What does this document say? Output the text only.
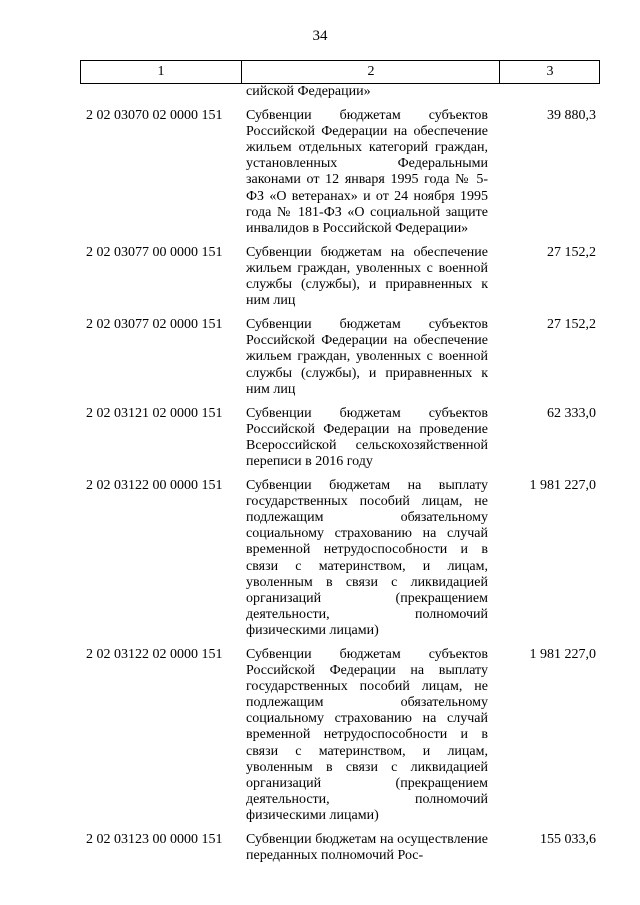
34
1	2	3
сийской Федерации»
2 02 03070 02 0000 151	Субвенции бюджетам субъектов Российской Федерации на обеспечение жильем отдельных категорий граждан, установленных Федеральными законами от 12 января 1995 года № 5-ФЗ «О ветеранах» и от 24 ноября 1995 года № 181-ФЗ «О социальной защите инвалидов в Российской Федерации»
39 880,3
2 02 03077 00 0000 151	Субвенции бюджетам на обеспечение жильем граждан, уволенных с военной службы (службы), и приравненных к ним лиц
27 152,2
2 02 03077 02 0000 151	Субвенции бюджетам субъектов Российской Федерации на обеспечение жильем граждан, уволенных с военной службы (службы), и приравненных к ним лиц
27 152,2
2 02 03121 02 0000 151	Субвенции бюджетам субъектов Российской Федерации на проведение Всероссийской сельскохозяйственной переписи в 2016 году
62 333,0
2 02 03122 00 0000 151	Субвенции бюджетам на выплату государственных пособий лицам, не подлежащим обязательному социальному страхованию на случай временной нетрудоспособности и в связи с материнством, и лицам, уволенным в связи с ликвидацией организаций (прекращением деятельности, полномочий физическими лицами)
1 981 227,0
2 02 03122 02 0000 151	Субвенции бюджетам субъектов Российской Федерации на выплату государственных пособий лицам, не подлежащим обязательному социальному страхованию на случай временной нетрудоспособности и в связи с материнством, и лицам, уволенным в связи с ликвидацией организаций (прекращением деятельности, полномочий физическими лицами)
1 981 227,0
2 02 03123 00 0000 151	Субвенции бюджетам на осуществление переданных полномочий Рос-
155 033,6
